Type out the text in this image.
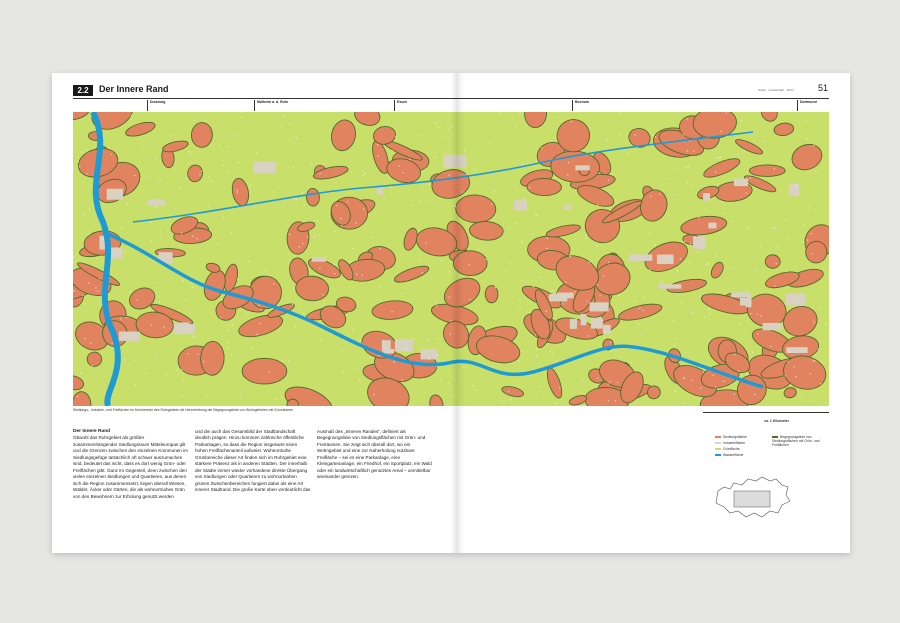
2.2	Der Innere Rand	Stadt · Landschaft · Ruhr	51
Duisburg	Mülheim a. d. Ruhr	Essen	Bochum	Dortmund
Siedlungs-, Industrie- und Freiflächen im Kernbereich des Ruhrgebiets mit Hervorhebung der Begegnungslinie von Wohngebieten mit Grünräumen
ca. 1 Kilometer
Der Innere Rand

Obwohl das Ruhrgebiet als größter zusammenhängender Siedlungsraum Mitteleuropas gilt und die Grenzen zwischen den einzelnen Kommunen im Siedlungsgefüge tatsächlich oft schwer auszumachen sind, bedeutet das nicht, dass es dort wenig Grün- oder Freiflächen gibt. Ganz im Gegenteil, denn zwischen den vielen einzelnen Siedlungen und Quartieren, aus denen sich die Region zusammensetzt, liegen überall Wiesen, Wälder, Äcker oder Gärten, die als wohnortnahes Grün von den Bewohnern zur Erholung genutzt werden

und die auch das Gesamtbild der Stadtlandschaft deutlich prägen. Hinzu kommen zahlreiche öffentliche Parkanlagen, so dass die Region insgesamt einen hohen Freiflächenanteil aufweist. Wohnortnahe Grünbereiche dieser Art finden sich im Ruhrgebiet eine stärkere Präsenz als in anderen Städten. Der innerhalb der Städte immer wieder vorhandene direkte Übergang von Siedlungen oder Quartieren zu wohnortnahen grünen Zwischenbereichen fungiert dabei als eine Art innerer Stadtrand. Die große Karte oben verdeutlicht das

Ausmaß des „Inneren Randes“, definiert als Begegnungslinie von Siedlungsflächen mit Grün- und Freiräumen. Sie zeigt sich überall dort, wo ein Wohngebiet und eine zur Naherholung nutzbare Freifläche – sei es eine Parkanlage, eine Kleingartenanlage, ein Friedhof, ein Sportplatz, ein Wald oder ein landwirtschaftlich genutztes Areal – unmittelbar aneinander grenzen.

Siedlungsfläche
Industriefläche
Grünfläche
Wasserfläche
Begegnungslinie von Siedlungsflächen mit Grün- und Freiflächen
